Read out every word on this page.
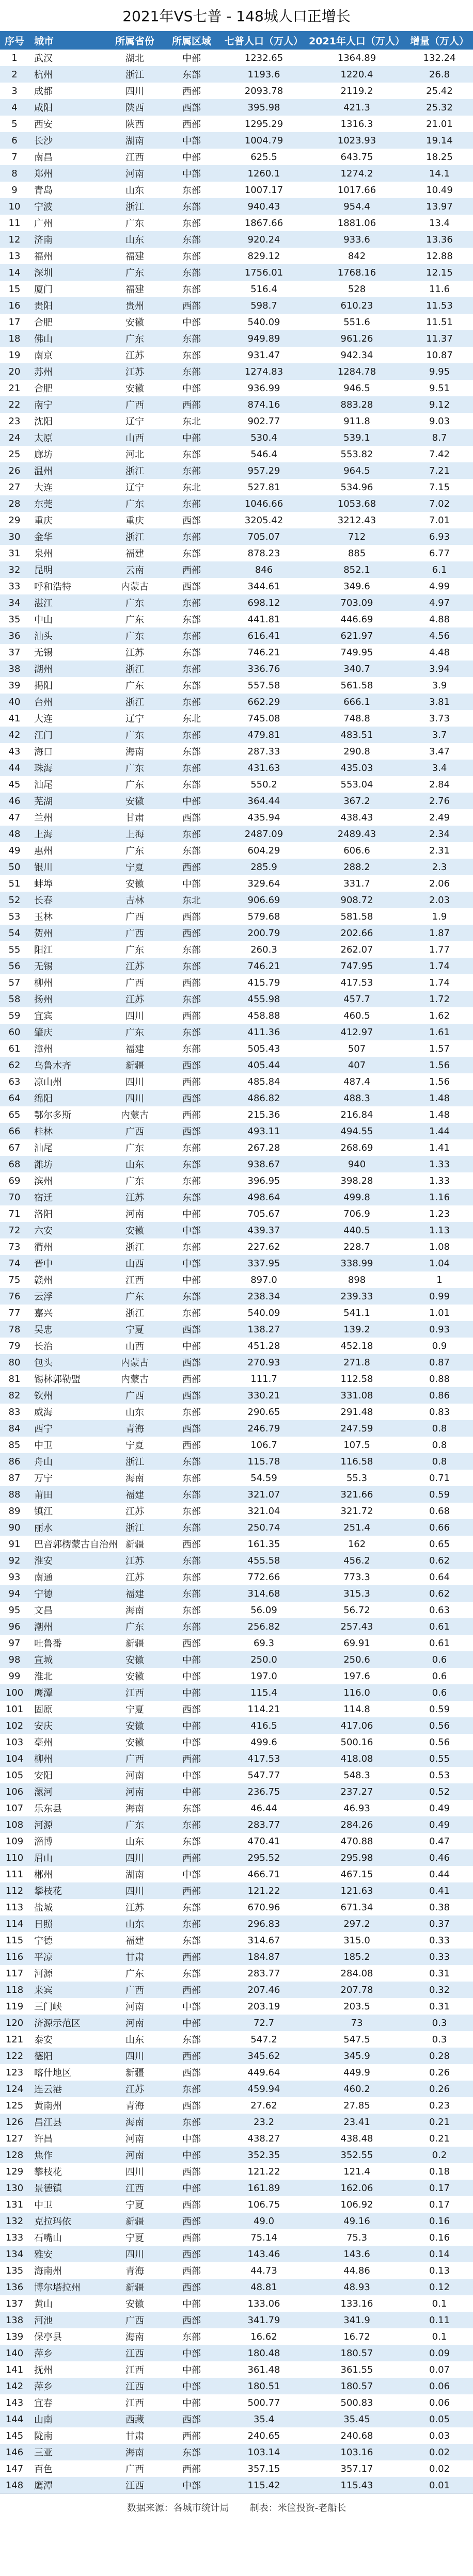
2021年VS七普 - 148城人口正增长
序号	城市	所属省份	所属区域	七普人口（万人） 2021年人口（万人） 增量（万人）
1	武汉	湖北	中部	1232.65	1364.89	132.24
2	杭州	浙江	东部	1193.6	1220.4	26.8
3	成都	四川	西部	2093.78	2119.2	25.42
4	咸阳	陕西	西部	395.98	421.3	25.32
5	西安	陕西	西部	1295.29	1316.3	21.01
6	长沙	湖南	中部	1004.79	1023.93	19.14
7	南昌	江西	中部	625.5	643.75	18.25
8	郑州	河南	中部	1260.1	1274.2	14.1
9	青岛	山东	东部	1007.17	1017.66	10.49
10	宁波	浙江	东部	940.43	954.4	13.97
11	广州	广东	东部	1867.66	1881.06	13.4
12	济南	山东	东部	920.24	933.6	13.36
13	福州	福建	东部	829.12	842	12.88
14	深圳	广东	东部	1756.01	1768.16	12.15
15	厦门	福建	东部	516.4	528	11.6
16	贵阳	贵州	西部	598.7	610.23	11.53
17	合肥	安徽	中部	540.09	551.6	11.51
18	佛山	广东	东部	949.89	961.26	11.37
19	南京	江苏	东部	931.47	942.34	10.87
20	苏州	江苏	东部	1274.83	1284.78	9.95
21	合肥	安徽	中部	936.99	946.5	9.51
22	南宁	广西	西部	874.16	883.28	9.12
23	沈阳	辽宁	东北	902.77	911.8	9.03
24	太原	山西	中部	530.4	539.1	8.7
25	廊坊	河北	东部	546.4	553.82	7.42
26	温州	浙江	东部	957.29	964.5	7.21
27	大连	辽宁	东北	527.81	534.96	7.15
28	东莞	广东	东部	1046.66	1053.68	7.02
29	重庆	重庆	西部	3205.42	3212.43	7.01
30	金华	浙江	东部	705.07	712	6.93
31	泉州	福建	东部	878.23	885	6.77
32	昆明	云南	西部	846	852.1	6.1
33	呼和浩特	内蒙古	西部	344.61	349.6	4.99
34	湛江	广东	东部	698.12	703.09	4.97
35	中山	广东	东部	441.81	446.69	4.88
36	汕头	广东	东部	616.41	621.97	4.56
37	无锡	江苏	东部	746.21	749.95	4.48
38	湖州	浙江	东部	336.76	340.7	3.94
39	揭阳	广东	东部	557.58	561.58	3.9
40	台州	浙江	东部	662.29	666.1	3.81
41	大连	辽宁	东北	745.08	748.8	3.73
42	江门	广东	东部	479.81	483.51	3.7
43	海口	海南	东部	287.33	290.8	3.47
44	珠海	广东	东部	431.63	435.03	3.4
45	汕尾	广东	东部	550.2	553.04	2.84
46	芜湖	安徽	中部	364.44	367.2	2.76
47	兰州	甘肃	西部	435.94	438.43	2.49
48	上海	上海	东部	2487.09	2489.43	2.34
49	惠州	广东	东部	604.29	606.6	2.31
50	银川	宁夏	西部	285.9	288.2	2.3
51	蚌埠	安徽	中部	329.64	331.7	2.06
52	长春	吉林	东北	906.69	908.72	2.03
53	玉林	广西	西部	579.68	581.58	1.9
54	贺州	广西	西部	200.79	202.66	1.87
55	阳江	广东	东部	260.3	262.07	1.77
56	无锡	江苏	东部	746.21	747.95	1.74
57	柳州	广西	西部	415.79	417.53	1.74
58	扬州	江苏	东部	455.98	457.7	1.72
59	宜宾	四川	西部	458.88	460.5	1.62
60	肇庆	广东	东部	411.36	412.97	1.61
61	漳州	福建	东部	505.43	507	1.57
62	乌鲁木齐	新疆	西部	405.44	407	1.56
63	凉山州	四川	西部	485.84	487.4	1.56
64	绵阳	四川	西部	486.82	488.3	1.48
65	鄂尔多斯	内蒙古	西部	215.36	216.84	1.48
66	桂林	广西	西部	493.11	494.55	1.44
67	汕尾	广东	东部	267.28	268.69	1.41
68	潍坊	山东	东部	938.67	940	1.33
69	滨州	广东	东部	396.95	398.28	1.33
70	宿迁	江苏	东部	498.64	499.8	1.16
71	洛阳	河南	中部	705.67	706.9	1.23
72	六安	安徽	中部	439.37	440.5	1.13
73	衢州	浙江	东部	227.62	228.7	1.08
74	晋中	山西	中部	337.95	338.99	1.04
75	赣州	江西	中部	897.0	898	1
76	云浮	广东	东部	238.34	239.33	0.99
77	嘉兴	浙江	东部	540.09	541.1	1.01
78	吴忠	宁夏	西部	138.27	139.2	0.93
79	长治	山西	中部	451.28	452.18	0.9
80	包头	内蒙古	西部	270.93	271.8	0.87
81	锡林郭勒盟	内蒙古	西部	111.7	112.58	0.88
82	钦州	广西	西部	330.21	331.08	0.86
83	威海	山东	东部	290.65	291.48	0.83
84	西宁	青海	西部	246.79	247.59	0.8
85	中卫	宁夏	西部	106.7	107.5	0.8
86	舟山	浙江	东部	115.78	116.58	0.8
87	万宁	海南	东部	54.59	55.3	0.71
88	莆田	福建	东部	321.07	321.66	0.59
89	镇江	江苏	东部	321.04	321.72	0.68
90	丽水	浙江	东部	250.74	251.4	0.66
91	巴音郭楞蒙古自治州 新疆	西部	161.35	162	0.65
92	淮安	江苏	东部	455.58	456.2	0.62
93	南通	江苏	东部	772.66	773.3	0.64
94	宁德	福建	东部	314.68	315.3	0.62
95	文昌	海南	东部	56.09	56.72	0.63
96	潮州	广东	东部	256.82	257.43	0.61
97	吐鲁番	新疆	西部	69.3	69.91	0.61
98	宣城	安徽	中部	250.0	250.6	0.6
99	淮北	安徽	中部	197.0	197.6	0.6
100	鹰潭	江西	中部	115.4	116.0	0.6
101	固原	宁夏	西部	114.21	114.8	0.59
102	安庆	安徽	中部	416.5	417.06	0.56
103	亳州	安徽	中部	499.6	500.16	0.56
104	柳州	广西	西部	417.53	418.08	0.55
105	安阳	河南	中部	547.77	548.3	0.53
106	漯河	河南	中部	236.75	237.27	0.52
107	乐东县	海南	东部	46.44	46.93	0.49
108	河源	广东	东部	283.77	284.26	0.49
109	淄博	山东	东部	470.41	470.88	0.47
110	眉山	四川	西部	295.52	295.98	0.46
111	郴州	湖南	中部	466.71	467.15	0.44
112	攀枝花	四川	西部	121.22	121.63	0.41
113	盐城	江苏	东部	670.96	671.34	0.38
114	日照	山东	东部	296.83	297.2	0.37
115	宁德	福建	东部	314.67	315.0	0.33
116	平凉	甘肃	西部	184.87	185.2	0.33
117	河源	广东	东部	283.77	284.08	0.31
118	来宾	广西	西部	207.46	207.78	0.32
119	三门峡	河南	中部	203.19	203.5	0.31
120	济源示范区	河南	中部	72.7	73	0.3
121	泰安	山东	东部	547.2	547.5	0.3
122	德阳	四川	西部	345.62	345.9	0.28
123	喀什地区	新疆	西部	449.64	449.9	0.26
124	连云港	江苏	东部	459.94	460.2	0.26
125	黄南州	青海	西部	27.62	27.85	0.23
126	昌江县	海南	东部	23.2	23.41	0.21
127	许昌	河南	中部	438.27	438.48	0.21
128	焦作	河南	中部	352.35	352.55	0.2
129	攀枝花	四川	西部	121.22	121.4	0.18
130	景德镇	江西	中部	161.89	162.06	0.17
131	中卫	宁夏	西部	106.75	106.92	0.17
132	克拉玛依	新疆	西部	49.0	49.16	0.16
133	石嘴山	宁夏	西部	75.14	75.3	0.16
134	雅安	四川	西部	143.46	143.6	0.14
135	海南州	青海	西部	44.73	44.86	0.13
136	博尔塔拉州	新疆	西部	48.81	48.93	0.12
137	黄山	安徽	中部	133.06	133.16	0.1
138	河池	广西	西部	341.79	341.9	0.11
139	保亭县	海南	东部	16.62	16.72	0.1
140	萍乡	江西	中部	180.48	180.57	0.09
141	抚州	江西	中部	361.48	361.55	0.07
142	萍乡	江西	中部	180.51	180.57	0.06
143	宜春	江西	中部	500.77	500.83	0.06
144	山南	西藏	西部	35.4	35.45	0.05
145	陇南	甘肃	西部	240.65	240.68	0.03
146	三亚	海南	东部	103.14	103.16	0.02
147	百色	广西	西部	357.15	357.17	0.02
148	鹰潭	江西	中部	115.42	115.43	0.01
数据来源：各城市统计局 制表：米筐投资-老船长
